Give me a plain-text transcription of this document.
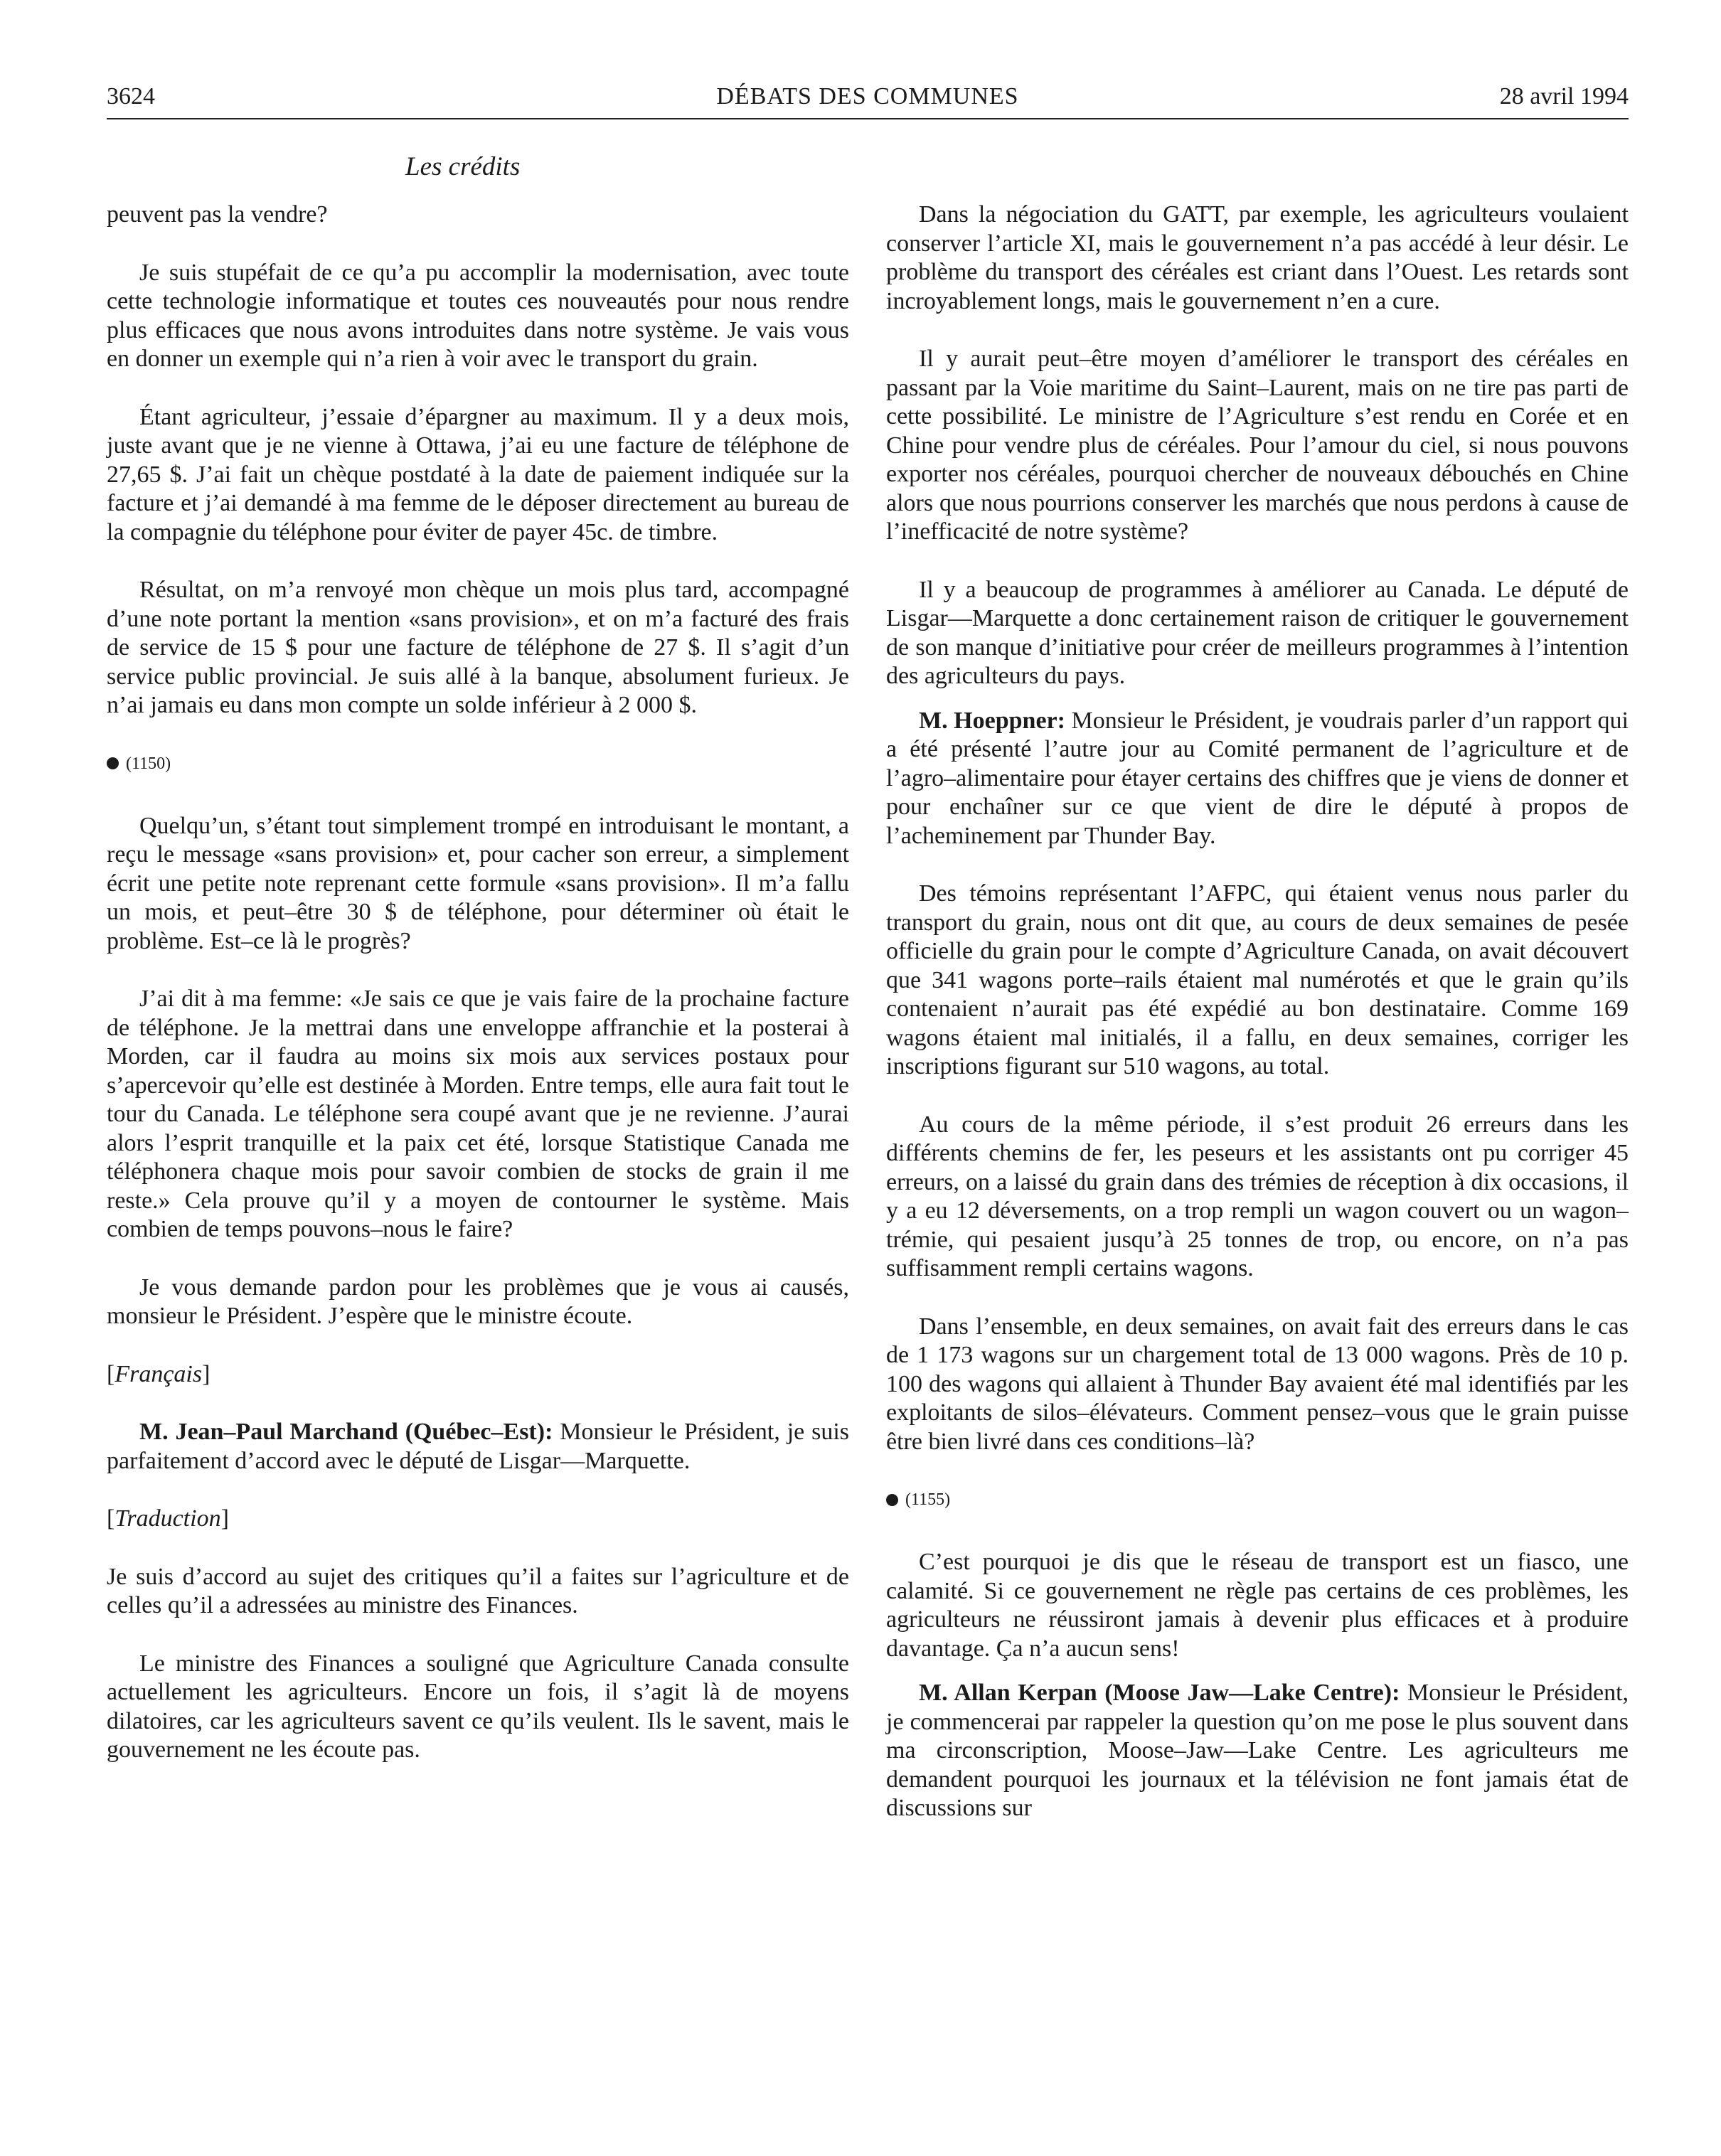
3624	DÉBATS DES COMMUNES	28 avril 1994
Les crédits

peuvent pas la vendre?

Je suis stupéfait de ce qu’a pu accomplir la modernisation, avec toute cette technologie informatique et toutes ces nouveautés pour nous rendre plus efficaces que nous avons introduites dans notre système. Je vais vous en donner un exemple qui n’a rien à voir avec le transport du grain.

Étant agriculteur, j’essaie d’épargner au maximum. Il y a deux mois, juste avant que je ne vienne à Ottawa, j’ai eu une facture de téléphone de 27,65 $. J’ai fait un chèque postdaté à la date de paiement indiquée sur la facture et j’ai demandé à ma femme de le déposer directement au bureau de la compagnie du téléphone pour éviter de payer 45c. de timbre.

Résultat, on m’a renvoyé mon chèque un mois plus tard, accompagné d’une note portant la mention «sans provision», et on m’a facturé des frais de service de 15 $ pour une facture de téléphone de 27 $. Il s’agit d’un service public provincial. Je suis allé à la banque, absolument furieux. Je n’ai jamais eu dans mon compte un solde inférieur à 2 000 $.

(1150)

Quelqu’un, s’étant tout simplement trompé en introduisant le montant, a reçu le message «sans provision» et, pour cacher son erreur, a simplement écrit une petite note reprenant cette formule «sans provision». Il m’a fallu un mois, et peut–être 30 $ de téléphone, pour déterminer où était le problème. Est–ce là le progrès?

J’ai dit à ma femme: «Je sais ce que je vais faire de la prochaine facture de téléphone. Je la mettrai dans une enveloppe affranchie et la posterai à Morden, car il faudra au moins six mois aux services postaux pour s’apercevoir qu’elle est destinée à Morden. Entre temps, elle aura fait tout le tour du Canada. Le téléphone sera coupé avant que je ne revienne. J’aurai alors l’esprit tranquille et la paix cet été, lorsque Statistique Canada me téléphonera chaque mois pour savoir combien de stocks de grain il me reste.» Cela prouve qu’il y a moyen de contourner le système. Mais combien de temps pouvons–nous le faire?

Je vous demande pardon pour les problèmes que je vous ai causés, monsieur le Président. J’espère que le ministre écoute.

[Français]

M. Jean–Paul Marchand (Québec–Est): Monsieur le Président, je suis parfaitement d’accord avec le député de Lisgar—Marquette.

[Traduction]

Je suis d’accord au sujet des critiques qu’il a faites sur l’agriculture et de celles qu’il a adressées au ministre des Finances.

Le ministre des Finances a souligné que Agriculture Canada consulte actuellement les agriculteurs. Encore un fois, il s’agit là de moyens dilatoires, car les agriculteurs savent ce qu’ils veulent. Ils le savent, mais le gouvernement ne les écoute pas.

Dans la négociation du GATT, par exemple, les agriculteurs voulaient conserver l’article XI, mais le gouvernement n’a pas accédé à leur désir. Le problème du transport des céréales est criant dans l’Ouest. Les retards sont incroyablement longs, mais le gouvernement n’en a cure.

Il y aurait peut–être moyen d’améliorer le transport des céréales en passant par la Voie maritime du Saint–Laurent, mais on ne tire pas parti de cette possibilité. Le ministre de l’Agriculture s’est rendu en Corée et en Chine pour vendre plus de céréales. Pour l’amour du ciel, si nous pouvons exporter nos céréales, pourquoi chercher de nouveaux débouchés en Chine alors que nous pourrions conserver les marchés que nous perdons à cause de l’inefficacité de notre système?

Il y a beaucoup de programmes à améliorer au Canada. Le député de Lisgar—Marquette a donc certainement raison de critiquer le gouvernement de son manque d’initiative pour créer de meilleurs programmes à l’intention des agriculteurs du pays.

M. Hoeppner: Monsieur le Président, je voudrais parler d’un rapport qui a été présenté l’autre jour au Comité permanent de l’agriculture et de l’agro–alimentaire pour étayer certains des chiffres que je viens de donner et pour enchaîner sur ce que vient de dire le député à propos de l’acheminement par Thunder Bay.

Des témoins représentant l’AFPC, qui étaient venus nous parler du transport du grain, nous ont dit que, au cours de deux semaines de pesée officielle du grain pour le compte d’Agriculture Canada, on avait découvert que 341 wagons porte–rails étaient mal numérotés et que le grain qu’ils contenaient n’aurait pas été expédié au bon destinataire. Comme 169 wagons étaient mal initialés, il a fallu, en deux semaines, corriger les inscriptions figurant sur 510 wagons, au total.

Au cours de la même période, il s’est produit 26 erreurs dans les différents chemins de fer, les peseurs et les assistants ont pu corriger 45 erreurs, on a laissé du grain dans des trémies de réception à dix occasions, il y a eu 12 déversements, on a trop rempli un wagon couvert ou un wagon–trémie, qui pesaient jusqu’à 25 tonnes de trop, ou encore, on n’a pas suffisamment rempli certains wagons.

Dans l’ensemble, en deux semaines, on avait fait des erreurs dans le cas de 1 173 wagons sur un chargement total de 13 000 wagons. Près de 10 p. 100 des wagons qui allaient à Thunder Bay avaient été mal identifiés par les exploitants de silos–élévateurs. Comment pensez–vous que le grain puisse être bien livré dans ces conditions–là?

(1155)

C’est pourquoi je dis que le réseau de transport est un fiasco, une calamité. Si ce gouvernement ne règle pas certains de ces problèmes, les agriculteurs ne réussiront jamais à devenir plus efficaces et à produire davantage. Ça n’a aucun sens!

M. Allan Kerpan (Moose Jaw—Lake Centre): Monsieur le Président, je commencerai par rappeler la question qu’on me pose le plus souvent dans ma circonscription, Moose–Jaw—Lake Centre. Les agriculteurs me demandent pourquoi les journaux et la télévision ne font jamais état de discussions sur
